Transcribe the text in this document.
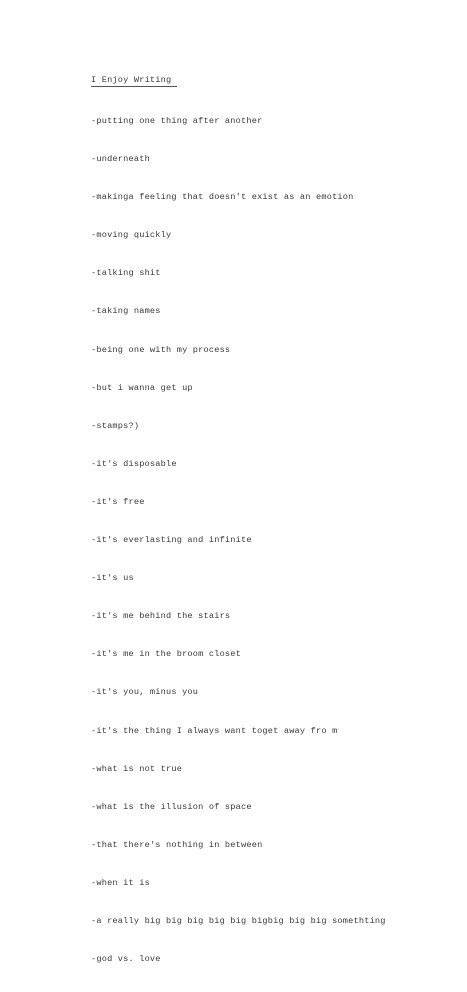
I Enjoy Writing

-putting one thing after another

-underneath

-makinga feeling that doesn't exist as an emotion

-moving quickly

-talking shit

-taking names

-being one with my process

-but i wanna get up

-stamps?)

-it's disposable

-it's free

-it's everlasting and infinite

-it's us

-it's me behind the stairs

-it's me in the broom closet

-it's you, minus you

-it's the thing I always want toget away fro m

-what is not true

-what is the illusion of space

-that there's nothing in between

-when it is

-a really big big big big big bigbig big big somethting

-god vs. love
